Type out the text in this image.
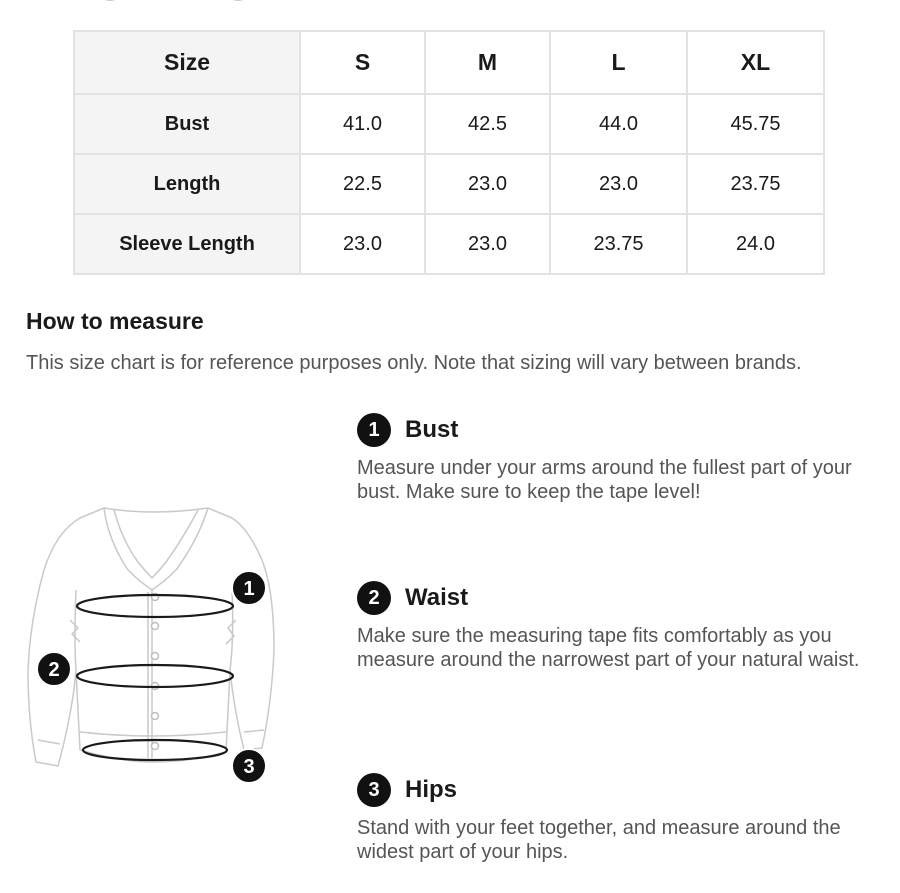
Size	S	M	L	XL
Bust	41.0	42.5	44.0	45.75
Length	22.5	23.0	23.0	23.75
Sleeve Length	23.0	23.0	23.75	24.0
How to measure

This size chart is for reference purposes only. Note that sizing will vary between brands.

1
2
3
1	Bust

Measure under your arms around the fullest part of your bust. Make sure to keep the tape level!

2	Waist

Make sure the measuring tape fits comfortably as you measure around the narrowest part of your natural waist.

3	Hips

Stand with your feet together, and measure around the widest part of your hips.
